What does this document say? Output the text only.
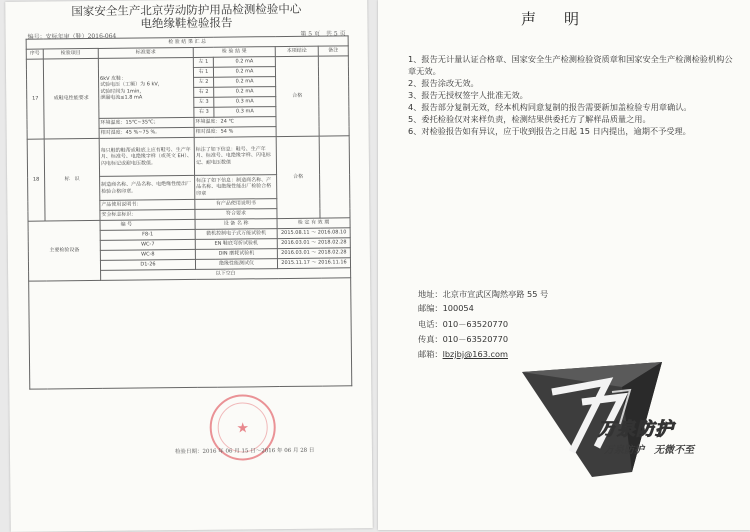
国家安全生产北京劳动防护用品检测检验中心
电绝缘鞋检验报告
编号：安标年审（鞋）2016-064	第 5 页　共 5 页
检 验 结 果 汇 总						
序号	检验项目	标准要求	检 验 结 果		本项结论	备注
17	成鞋电性能要求	6kV 皮鞋：
试验电压（工频）为 6 kV，
试验时间为 1min，
泄漏电流≤1.8 mA	左 1	0.2 mA	合格	
			右 1	0.2 mA		
			左 2	0.2 mA		
			右 2	0.2 mA		
			左 3	0.3 mA		
			右 3	0.3 mA		
		环境温度：15℃~35℃；	环境温度：24 ℃			
		相对湿度：45 %~75 %。	相对湿度：54 %			
18	标　识	每只鞋的鞋帮或鞋底上应有鞋号、生产年月、标准号、电绝缘字样（或英文 EH）、闪电标记或耐电压数值。	标注了如下信息：鞋号、生产年月、标准号、电绝缘字样、闪电标记、耐电压数值		合格	
		制造商名称、产品名称、电绝缘性能出厂检验合格印章。	标注了如下信息：制造商名称、产品名称、电绝缘性能出厂检验合格印章			
		产品使用说明书：	有产品使用说明书			
		安全标志标识：	符合要求			
主要检验设备		编 号	设 备 名 称		检 定 有 效 期	
		F8-1	微机控制电子式万能试验机		2015.08.11 ～ 2016.08.10	
		WC-7	EN 鞋底弯折试验机		2016.03.01 ～ 2018.02.28	
		WC-8	DIN 磨耗试验机		2016.03.01 ～ 2018.02.28	
		D1-26	绝缘性能测试仪		2015.11.17 ～ 2016.11.16	
		以下空白				

★
检验日期：2016 年 06 月 15 日～2016 年 06 月 28 日
声明
1、报告无计量认证合格章、国家安全生产检测检验资质章和国家安全生产检测检验机构公章无效。
2、报告涂改无效。
3、报告无授权签字人批准无效。
4、报告部分复制无效，经本机构同意复制的报告需要新加盖检验专用章确认。
5、委托检验仅对来样负责，检测结果供委托方了解样品质量之用。
6、对检验报告如有异议，应于收到报告之日起 15 日内提出，逾期不予受理。
地址：北京市宣武区陶然亭路 55 号
邮编：100054
电话：010－63520770
传真：010－63520770
邮箱：lbzjbj@163.com
万泉防护
万泉防护　无微不至
